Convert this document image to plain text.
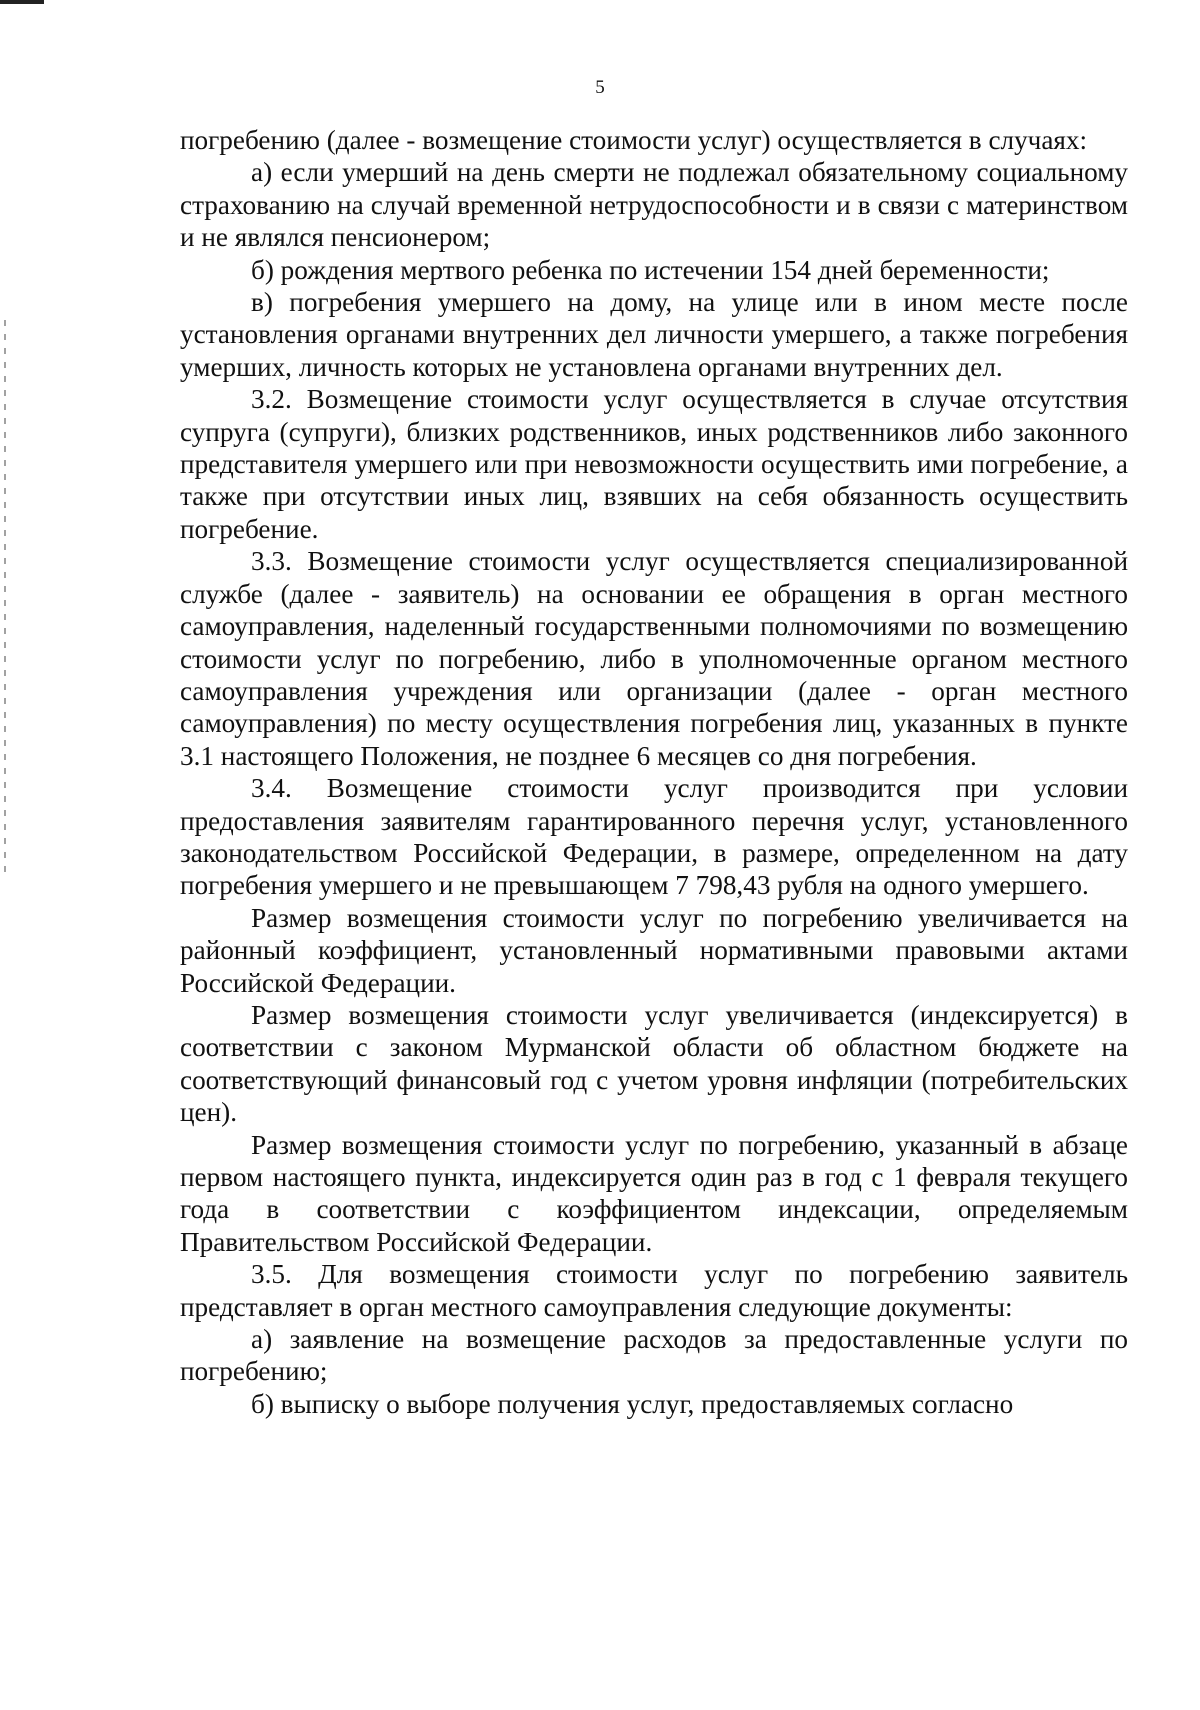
5

погребению (далее - возмещение стоимости услуг) осуществляется в случаях:

а) если умерший на день смерти не подлежал обязательному социальному страхованию на случай временной нетрудоспособности и в связи с материнством и не являлся пенсионером;

б) рождения мертвого ребенка по истечении 154 дней беременности;

в) погребения умершего на дому, на улице или в ином месте после установления органами внутренних дел личности умершего, а также погребения умерших, личность которых не установлена органами внутренних дел.

3.2. Возмещение стоимости услуг осуществляется в случае отсутствия супруга (супруги), близких родственников, иных родственников либо законного представителя умершего или при невозможности осуществить ими погребение, а также при отсутствии иных лиц, взявших на себя обязанность осуществить погребение.

3.3. Возмещение стоимости услуг осуществляется специализированной службе (далее - заявитель) на основании ее обращения в орган местного самоуправления, наделенный государственными полномочиями по возмещению стоимости услуг по погребению, либо в уполномоченные органом местного самоуправления учреждения или организации (далее - орган местного самоуправления) по месту осуществления погребения лиц, указанных в пункте 3.1 настоящего Положения, не позднее 6 месяцев со дня погребения.

3.4. Возмещение стоимости услуг производится при условии предоставления заявителям гарантированного перечня услуг, установленного законодательством Российской Федерации, в размере, определенном на дату погребения умершего и не превышающем 7 798,43 рубля на одного умершего.

Размер возмещения стоимости услуг по погребению увеличивается на районный коэффициент, установленный нормативными правовыми актами Российской Федерации.

Размер возмещения стоимости услуг увеличивается (индексируется) в соответствии с законом Мурманской области об областном бюджете на соответствующий финансовый год с учетом уровня инфляции (потребительских цен).

Размер возмещения стоимости услуг по погребению, указанный в абзаце первом настоящего пункта, индексируется один раз в год с 1 февраля текущего года в соответствии с коэффициентом индексации, определяемым Правительством Российской Федерации.

3.5. Для возмещения стоимости услуг по погребению заявитель представляет в орган местного самоуправления следующие документы:

а) заявление на возмещение расходов за предоставленные услуги по погребению;

б) выписку о выборе получения услуг, предоставляемых согласно
